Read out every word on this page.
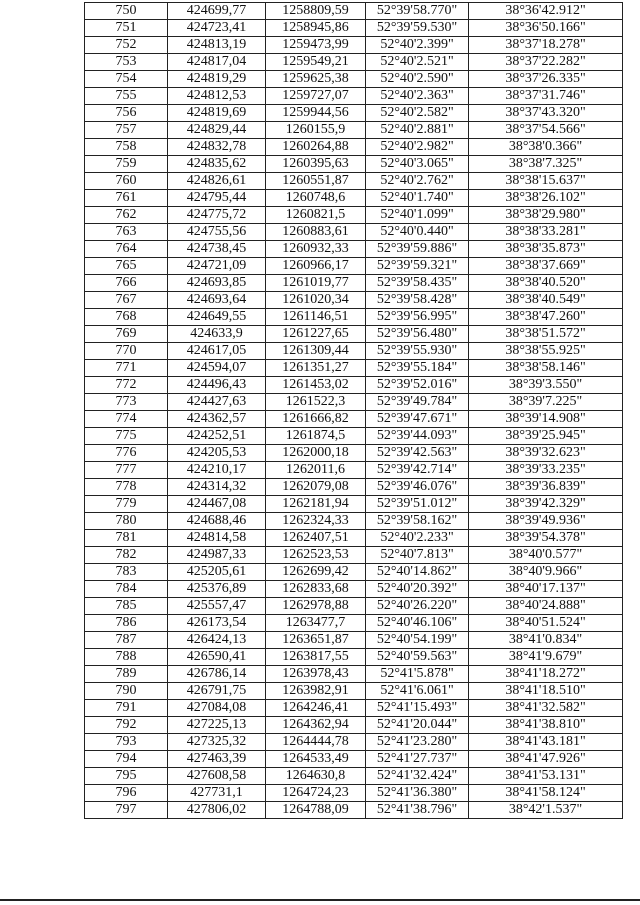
750	424699,77	1258809,59	52°39'58.770"	38°36'42.912"
751	424723,41	1258945,86	52°39'59.530"	38°36'50.166"
752	424813,19	1259473,99	52°40'2.399"	38°37'18.278"
753	424817,04	1259549,21	52°40'2.521"	38°37'22.282"
754	424819,29	1259625,38	52°40'2.590"	38°37'26.335"
755	424812,53	1259727,07	52°40'2.363"	38°37'31.746"
756	424819,69	1259944,56	52°40'2.582"	38°37'43.320"
757	424829,44	1260155,9	52°40'2.881"	38°37'54.566"
758	424832,78	1260264,88	52°40'2.982"	38°38'0.366"
759	424835,62	1260395,63	52°40'3.065"	38°38'7.325"
760	424826,61	1260551,87	52°40'2.762"	38°38'15.637"
761	424795,44	1260748,6	52°40'1.740"	38°38'26.102"
762	424775,72	1260821,5	52°40'1.099"	38°38'29.980"
763	424755,56	1260883,61	52°40'0.440"	38°38'33.281"
764	424738,45	1260932,33	52°39'59.886"	38°38'35.873"
765	424721,09	1260966,17	52°39'59.321"	38°38'37.669"
766	424693,85	1261019,77	52°39'58.435"	38°38'40.520"
767	424693,64	1261020,34	52°39'58.428"	38°38'40.549"
768	424649,55	1261146,51	52°39'56.995"	38°38'47.260"
769	424633,9	1261227,65	52°39'56.480"	38°38'51.572"
770	424617,05	1261309,44	52°39'55.930"	38°38'55.925"
771	424594,07	1261351,27	52°39'55.184"	38°38'58.146"
772	424496,43	1261453,02	52°39'52.016"	38°39'3.550"
773	424427,63	1261522,3	52°39'49.784"	38°39'7.225"
774	424362,57	1261666,82	52°39'47.671"	38°39'14.908"
775	424252,51	1261874,5	52°39'44.093"	38°39'25.945"
776	424205,53	1262000,18	52°39'42.563"	38°39'32.623"
777	424210,17	1262011,6	52°39'42.714"	38°39'33.235"
778	424314,32	1262079,08	52°39'46.076"	38°39'36.839"
779	424467,08	1262181,94	52°39'51.012"	38°39'42.329"
780	424688,46	1262324,33	52°39'58.162"	38°39'49.936"
781	424814,58	1262407,51	52°40'2.233"	38°39'54.378"
782	424987,33	1262523,53	52°40'7.813"	38°40'0.577"
783	425205,61	1262699,42	52°40'14.862"	38°40'9.966"
784	425376,89	1262833,68	52°40'20.392"	38°40'17.137"
785	425557,47	1262978,88	52°40'26.220"	38°40'24.888"
786	426173,54	1263477,7	52°40'46.106"	38°40'51.524"
787	426424,13	1263651,87	52°40'54.199"	38°41'0.834"
788	426590,41	1263817,55	52°40'59.563"	38°41'9.679"
789	426786,14	1263978,43	52°41'5.878"	38°41'18.272"
790	426791,75	1263982,91	52°41'6.061"	38°41'18.510"
791	427084,08	1264246,41	52°41'15.493"	38°41'32.582"
792	427225,13	1264362,94	52°41'20.044"	38°41'38.810"
793	427325,32	1264444,78	52°41'23.280"	38°41'43.181"
794	427463,39	1264533,49	52°41'27.737"	38°41'47.926"
795	427608,58	1264630,8	52°41'32.424"	38°41'53.131"
796	427731,1	1264724,23	52°41'36.380"	38°41'58.124"
797	427806,02	1264788,09	52°41'38.796"	38°42'1.537"
